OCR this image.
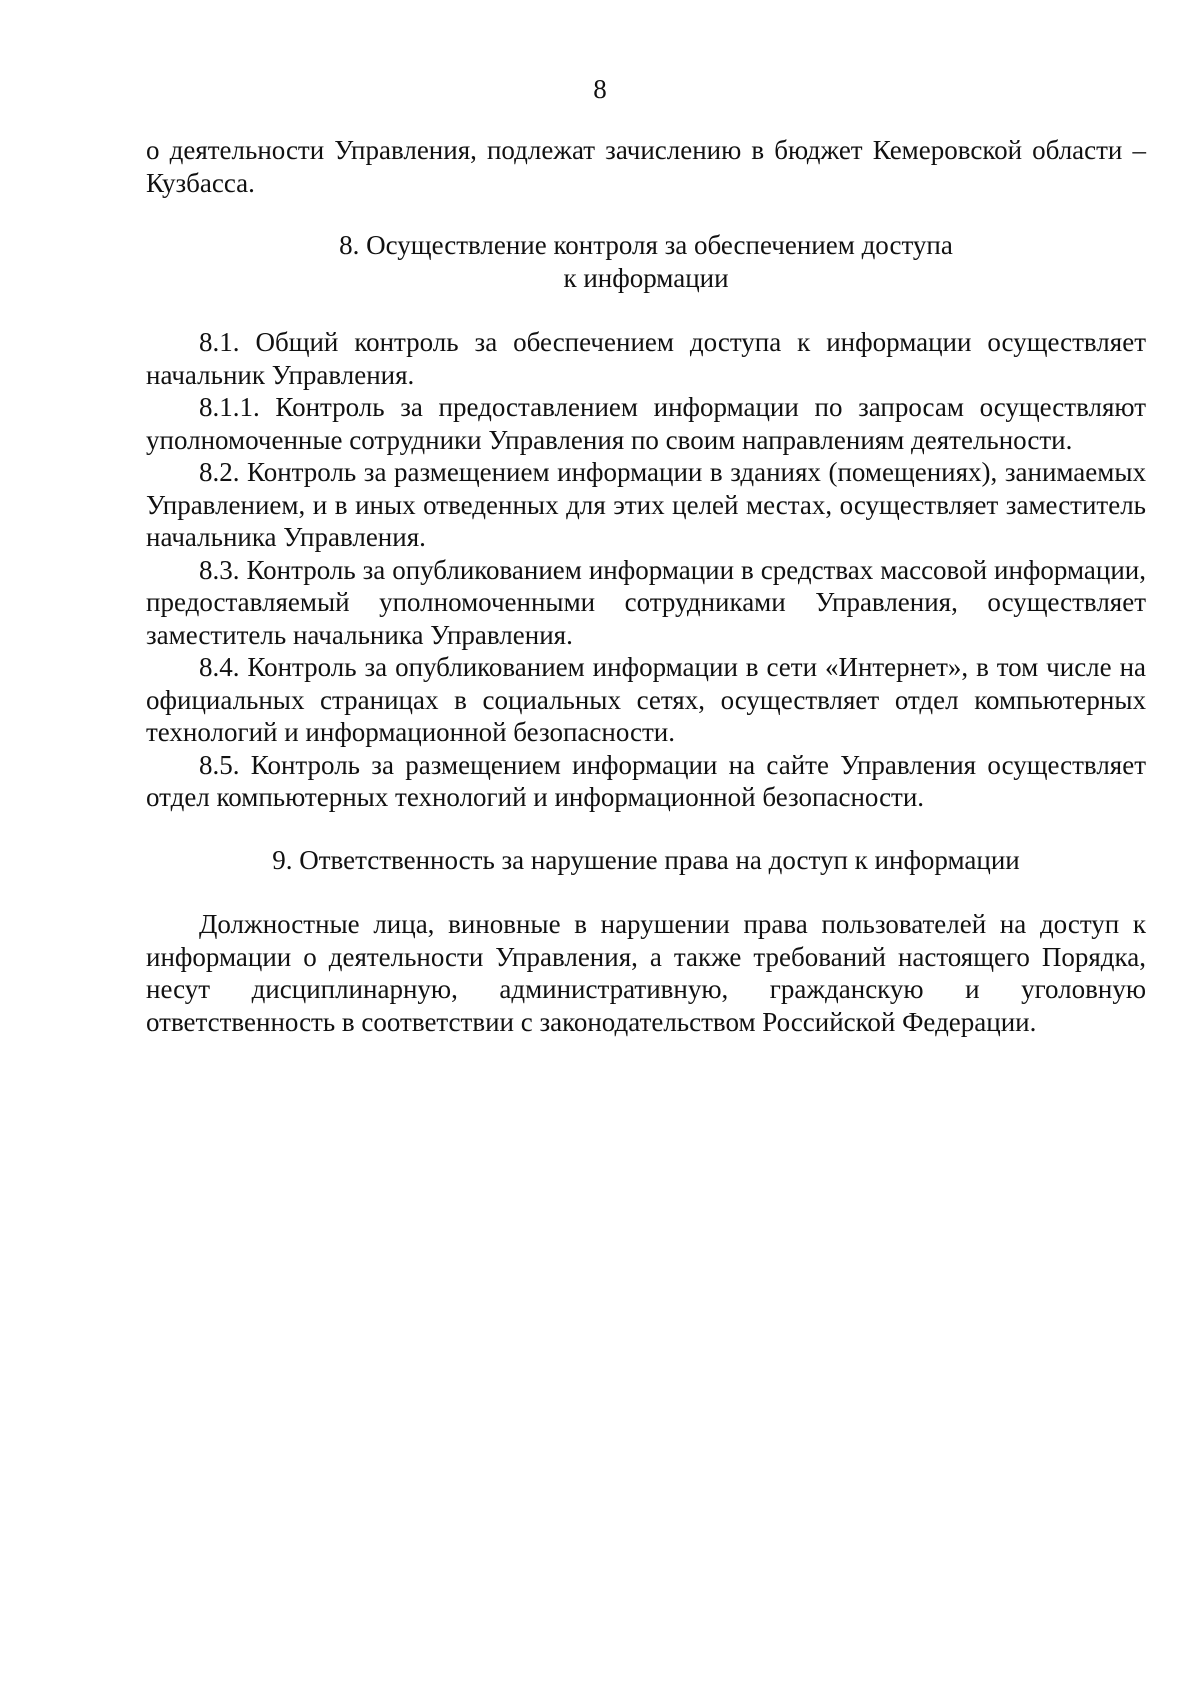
8

о деятельности Управления, подлежат зачислению в бюджет Кемеровской области – Кузбасса.

8. Осуществление контроля за обеспечением доступа
к информации

8.1. Общий контроль за обеспечением доступа к информации осуществляет начальник Управления.

8.1.1. Контроль за предоставлением информации по запросам осуществляют уполномоченные сотрудники Управления по своим направлениям деятельности.

8.2. Контроль за размещением информации в зданиях (помещениях), занимаемых Управлением, и в иных отведенных для этих целей местах, осуществляет заместитель начальника Управления.

8.3. Контроль за опубликованием информации в средствах массовой информации, предоставляемый уполномоченными сотрудниками Управления, осуществляет заместитель начальника Управления.

8.4. Контроль за опубликованием информации в сети «Интернет», в том числе на официальных страницах в социальных сетях, осуществляет отдел компьютерных технологий и информационной безопасности.

8.5. Контроль за размещением информации на сайте Управления осуществляет отдел компьютерных технологий и информационной безопасности.

9. Ответственность за нарушение права на доступ к информации

Должностные лица, виновные в нарушении права пользователей на доступ к информации о деятельности Управления, а также требований настоящего Порядка, несут дисциплинарную, административную, гражданскую и уголовную ответственность в соответствии с законодательством Российской Федерации.
